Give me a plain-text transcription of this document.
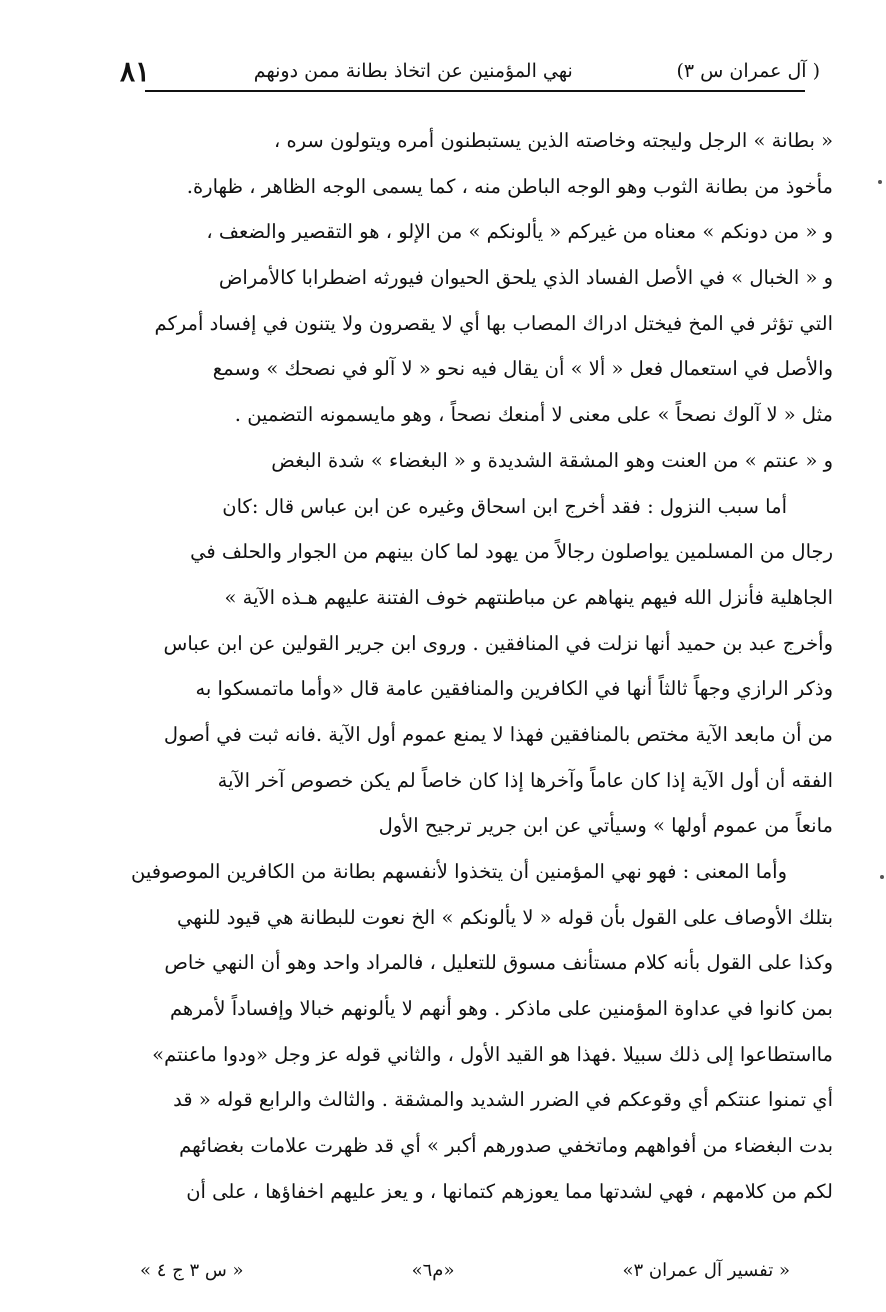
( آل عمران س ٣)
نهي المؤمنين عن اتخاذ بطانة ممن دونهم
٨١
« بطانة » الرجل وليجته وخاصته الذين يستبطنون أمره ويتولون سره ،
مأخوذ من بطانة الثوب وهو الوجه الباطن منه ، كما يسمى الوجه الظاهر ، ظهارة.
و « من دونكم » معناه من غيركم « يألونكم » من الإلو ، هو التقصير والضعف ،
و « الخبال » في الأصل الفساد الذي يلحق الحيوان فيورثه اضطرابا كالأمراض
التي تؤثر في المخ فيختل ادراك المصاب بها أي لا يقصرون ولا يتنون في إفساد أمركم
والأصل في استعمال فعل « ألا » أن يقال فيه نحو « لا آلو في نصحك » وسمع
مثل « لا آلوك نصحاً » على معنى لا أمنعك نصحاً ، وهو مايسمونه التضمين .
و « عنتم » من العنت وهو المشقة الشديدة و « البغضاء » شدة البغض
أما سبب النزول : فقد أخرج ابن اسحاق وغيره عن ابن عباس قال :كان
رجال من المسلمين يواصلون رجالاً من يهود لما كان بينهم من الجوار والحلف في
الجاهلية فأنزل الله فيهم ينهاهم عن مباطنتهم خوف الفتنة عليهم هـذه الآية »
وأخرج عبد بن حميد أنها نزلت في المنافقين . وروى ابن جرير القولين عن ابن عباس
وذكر الرازي وجهاً ثالثاً أنها في الكافرين والمنافقين عامة قال «وأما ماتمسكوا به
من أن مابعد الآية مختص بالمنافقين فهذا لا يمنع عموم أول الآية .فانه ثبت في أصول
الفقه أن أول الآية إذا كان عاماً وآخرها إذا كان خاصاً لم يكن خصوص آخر الآية
مانعاً من عموم أولها » وسيأتي عن ابن جرير ترجيح الأول
وأما المعنى : فهو نهي المؤمنين أن يتخذوا لأنفسهم بطانة من الكافرين الموصوفين
بتلك الأوصاف على القول بأن قوله « لا يألونكم » الخ نعوت للبطانة هي قيود للنهي
وكذا على القول بأنه كلام مستأنف مسوق للتعليل ، فالمراد واحد وهو أن النهي خاص
بمن كانوا في عداوة المؤمنين على ماذكر . وهو أنهم لا يألونهم خبالا وإفساداً لأمرهم
مااستطاعوا إلى ذلك سبيلا .فهذا هو القيد الأول ، والثاني قوله عز وجل «ودوا ماعنتم»
أي تمنوا عنتكم أي وقوعكم في الضرر الشديد والمشقة . والثالث والرابع قوله « قد
بدت البغضاء من أفواههم وماتخفي صدورهم أكبر » أي قد ظهرت علامات بغضائهم
لكم من كلامهم ، فهي لشدتها مما يعوزهم كتمانها ، و يعز عليهم اخفاؤها ، على أن
« تفسير آل عمران ٣»
«م٦»
« س ٣ ج ٤ »
